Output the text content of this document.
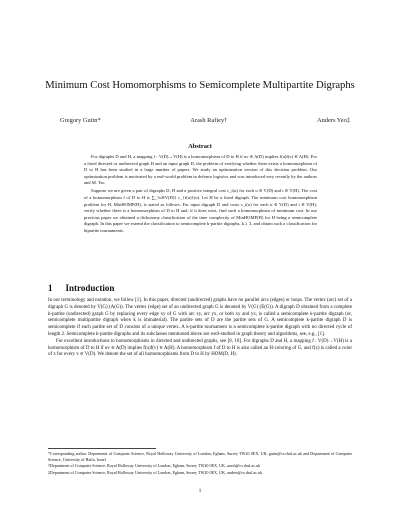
Minimum Cost Homomorphisms to Semicomplete Multipartite Digraphs
Gregory Gutin*	Arash Rafiey†	Anders Yeo‡
Abstract

For digraphs D and H, a mapping f : V(D)→V(H) is a homomorphism of D to H if uv ∈ A(D) implies f(u)f(v) ∈ A(H). For a fixed directed or undirected graph H and an input graph D, the problem of verifying whether there exists a homomorphism of D to H has been studied in a large number of papers. We study an optimization version of this decision problem. Our optimization problem is motivated by a real-world problem in defence logistics and was introduced very recently by the authors and M. Tso.

Suppose we are given a pair of digraphs D, H and a positive integral cost c_i(u) for each u ∈ V(D) and i ∈ V(H). The cost of a homomorphism f of D to H is ∑_{u∈V(D)} c_{f(u)}(u). Let H be a fixed digraph. The minimum cost homomorphism problem for H, MinHOMP(H), is stated as follows: For input digraph D and costs c_i(u) for each u ∈ V(D) and i ∈ V(H), verify whether there is a homomorphism of D to H and, if it does exist, find such a homomorphism of minimum cost. In our previous paper we obtained a dichotomy classification of the time complexity of MinHOMP(H) for H being a semicomplete digraph. In this paper we extend the classification to semicomplete k-partite digraphs, k ≥ 3, and obtain such a classification for bipartite tournaments.

1 Introduction

In our terminology and notation, we follow [1]. In this paper, directed (undirected) graphs have no parallel arcs (edges) or loops. The vertex (arc) set of a digraph G is denoted by V(G) (A(G)). The vertex (edge) set of an undirected graph G is denoted by V(G) (E(G)). A digraph D obtained from a complete k-partite (undirected) graph G by replacing every edge xy of G with arc xy, arc yx, or both xy and yx, is called a semicomplete k-partite digraph (or, semicomplete multipartite digraph when k is immaterial). The partite sets of D are the partite sets of G. A semicomplete k-partite digraph D is semicomplete if each partite set of D consists of a unique vertex. A k-partite tournament is a semicomplete k-partite digraph with no directed cycle of length 2. Semicomplete k-partite digraphs and its subclasses mentioned above are well-studied in graph theory and algorithms, see, e.g., [1].

For excellent introductions to homomorphisms in directed and undirected graphs, see [8, 10]. For digraphs D and H, a mapping f : V(D)→V(H) is a homomorphism of D to H if uv ∈ A(D) implies f(u)f(v) ∈ A(H). A homomorphism f of D to H is also called an H-coloring of G, and f(x) is called a color of x for every x ∈ V(D). We denote the set of all homomorphisms from D to H by HOM(D, H).

*Corresponding author. Department of Computer Science, Royal Holloway University of London, Egham, Surrey TW20 0EX, UK, gutin@cs.rhul.ac.uk and Department of Computer Science, University of Haifa, Israel

†Department of Computer Science, Royal Holloway University of London, Egham, Surrey TW20 0EX, UK, arash@cs.rhul.ac.uk

‡Department of Computer Science, Royal Holloway University of London, Egham, Surrey TW20 0EX, UK, anders@cs.rhul.ac.uk

1
